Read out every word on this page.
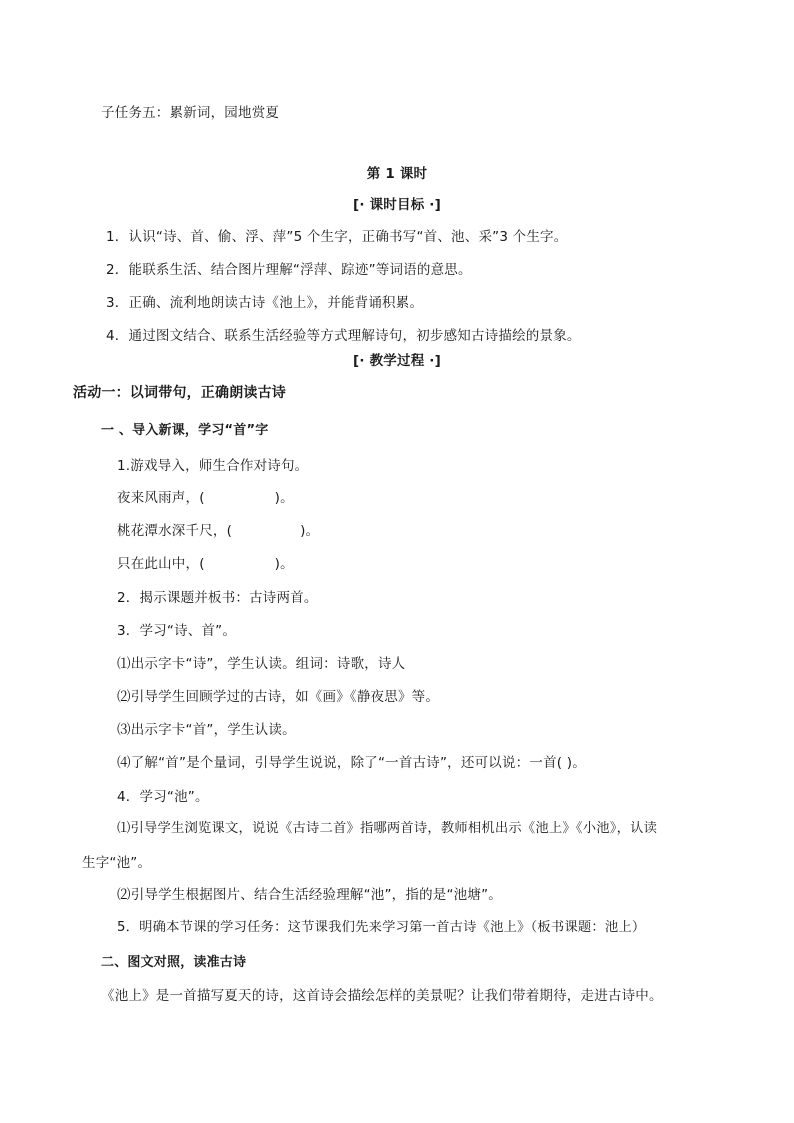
子任务五：累新词，园地赏夏
第 1 课时
[· 课时目标 ·]
1．认识“诗、首、偷、浮、萍”5 个生字，正确书写“首、池、采”3 个生字。
2．能联系生活、结合图片理解“浮萍、踪迹”等词语的意思。
3．正确、流利地朗读古诗《池上》，并能背诵积累。
4．通过图文结合、联系生活经验等方式理解诗句，初步感知古诗描绘的景象。
[· 教学过程 ·]
活动一：以词带句，正确朗读古诗
一 、导入新课，学习“首”字
1.游戏导入，师生合作对诗句。
夜来风雨声，(	)。
桃花潭水深千尺，(	)。
只在此山中，(	)。
2．揭示课题并板书：古诗两首。
3．学习“诗、首”。
⑴出示字卡“诗”，学生认读。组词：诗歌，诗人
⑵引导学生回顾学过的古诗，如《画》《静夜思》等。
⑶出示字卡“首”，学生认读。
⑷了解“首”是个量词，引导学生说说，除了“一首古诗”，还可以说：一首( )。
4．学习“池”。
⑴引导学生浏览课文，说说《古诗二首》指哪两首诗，教师相机出示《池上》《小池》，认读
生字“池”。
⑵引导学生根据图片、结合生活经验理解“池”，指的是“池塘”。
5．明确本节课的学习任务：这节课我们先来学习第一首古诗《池上》（板书课题：池上）
二、图文对照，读准古诗
《池上》是一首描写夏天的诗，这首诗会描绘怎样的美景呢？让我们带着期待，走进古诗中。
